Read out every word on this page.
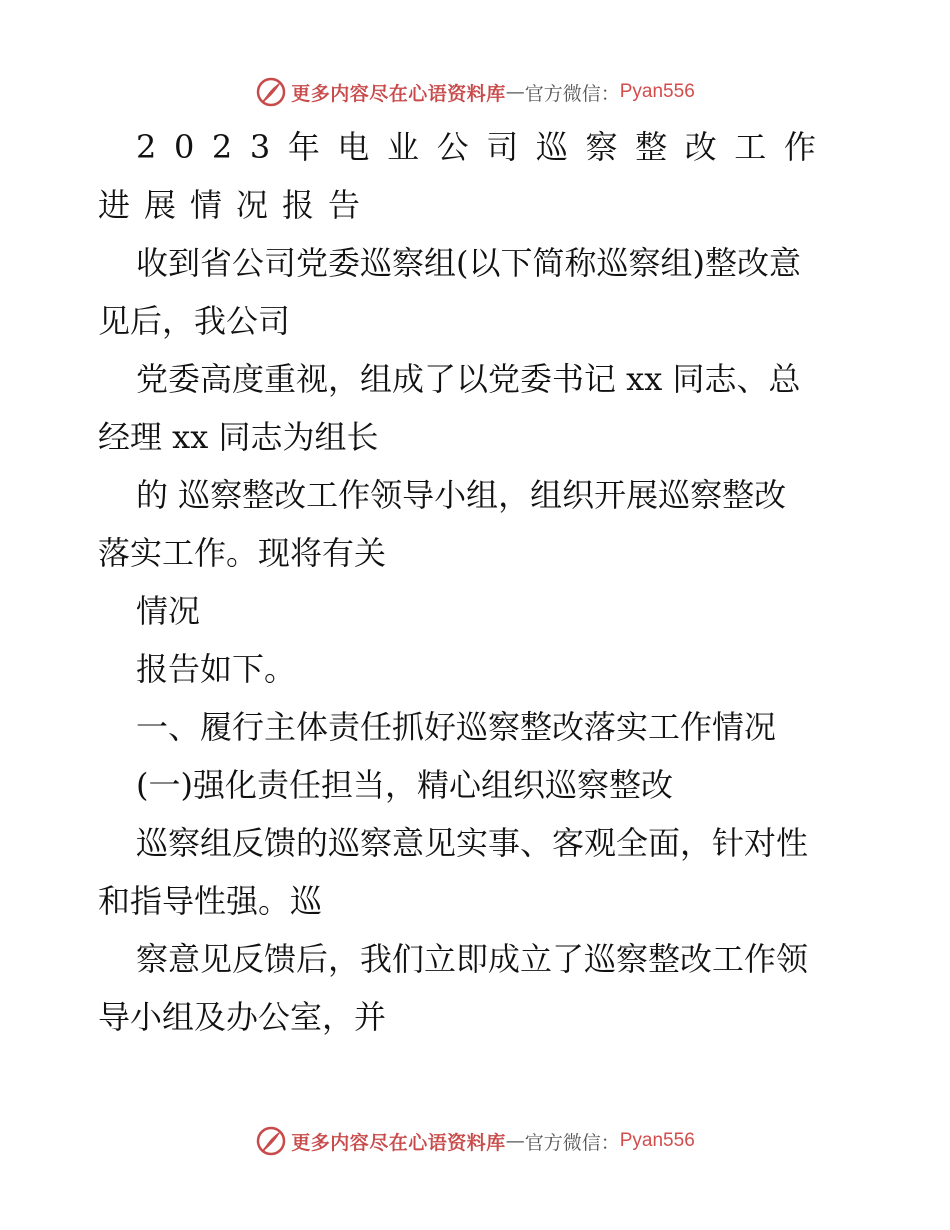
更多内容尽在心语资料库 — 官方微信： Pyan556
2 0 2 3 年 电 业 公 司 巡 察 整 改 工 作
进展情况报告
收到省公司党委巡察组(以下简称巡察组)整改意
见后，我公司
党委高度重视，组成了以党委书记 xx 同志、总
经理 xx 同志为组长
的 巡察整改工作领导小组，组织开展巡察整改
落实工作。现将有关
情况
报告如下。
一、履行主体责任抓好巡察整改落实工作情况
(一)强化责任担当，精心组织巡察整改
巡察组反馈的巡察意见实事、客观全面，针对性
和指导性强。巡
察意见反馈后，我们立即成立了巡察整改工作领
导小组及办公室，并
更多内容尽在心语资料库 — 官方微信： Pyan556
